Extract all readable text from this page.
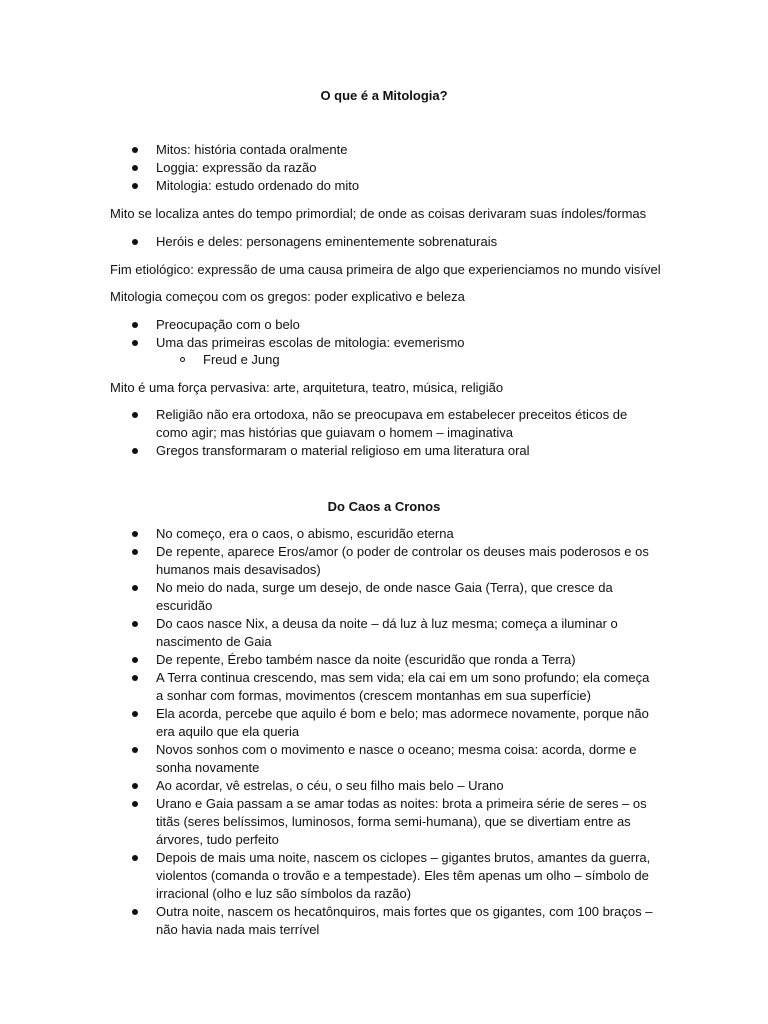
O que é a Mitologia?
Mitos: história contada oralmente
Loggia: expressão da razão
Mitologia: estudo ordenado do mito
Mito se localiza antes do tempo primordial; de onde as coisas derivaram suas índoles/formas
Heróis e deles: personagens eminentemente sobrenaturais
Fim etiológico: expressão de uma causa primeira de algo que experienciamos no mundo visível
Mitologia começou com os gregos: poder explicativo e beleza
Preocupação com o belo
Uma das primeiras escolas de mitologia: evemerismo
Freud e Jung
Mito é uma força pervasiva: arte, arquitetura, teatro, música, religião
Religião não era ortodoxa, não se preocupava em estabelecer preceitos éticos de como agir; mas histórias que guiavam o homem – imaginativa
Gregos transformaram o material religioso em uma literatura oral
Do Caos a Cronos
No começo, era o caos, o abismo, escuridão eterna
De repente, aparece Eros/amor (o poder de controlar os deuses mais poderosos e os humanos mais desavisados)
No meio do nada, surge um desejo, de onde nasce Gaia (Terra), que cresce da escuridão
Do caos nasce Nix, a deusa da noite – dá luz à luz mesma; começa a iluminar o nascimento de Gaia
De repente, Érebo também nasce da noite (escuridão que ronda a Terra)
A Terra continua crescendo, mas sem vida; ela cai em um sono profundo; ela começa a sonhar com formas, movimentos (crescem montanhas em sua superfície)
Ela acorda, percebe que aquilo é bom e belo; mas adormece novamente, porque não era aquilo que ela queria
Novos sonhos com o movimento e nasce o oceano; mesma coisa: acorda, dorme e sonha novamente
Ao acordar, vê estrelas, o céu, o seu filho mais belo – Urano
Urano e Gaia passam a se amar todas as noites: brota a primeira série de seres – os titãs (seres belíssimos, luminosos, forma semi-humana), que se divertiam entre as árvores, tudo perfeito
Depois de mais uma noite, nascem os ciclopes – gigantes brutos, amantes da guerra, violentos (comanda o trovão e a tempestade). Eles têm apenas um olho – símbolo de irracional (olho e luz são símbolos da razão)
Outra noite, nascem os hecatônquiros, mais fortes que os gigantes, com 100 braços – não havia nada mais terrível
